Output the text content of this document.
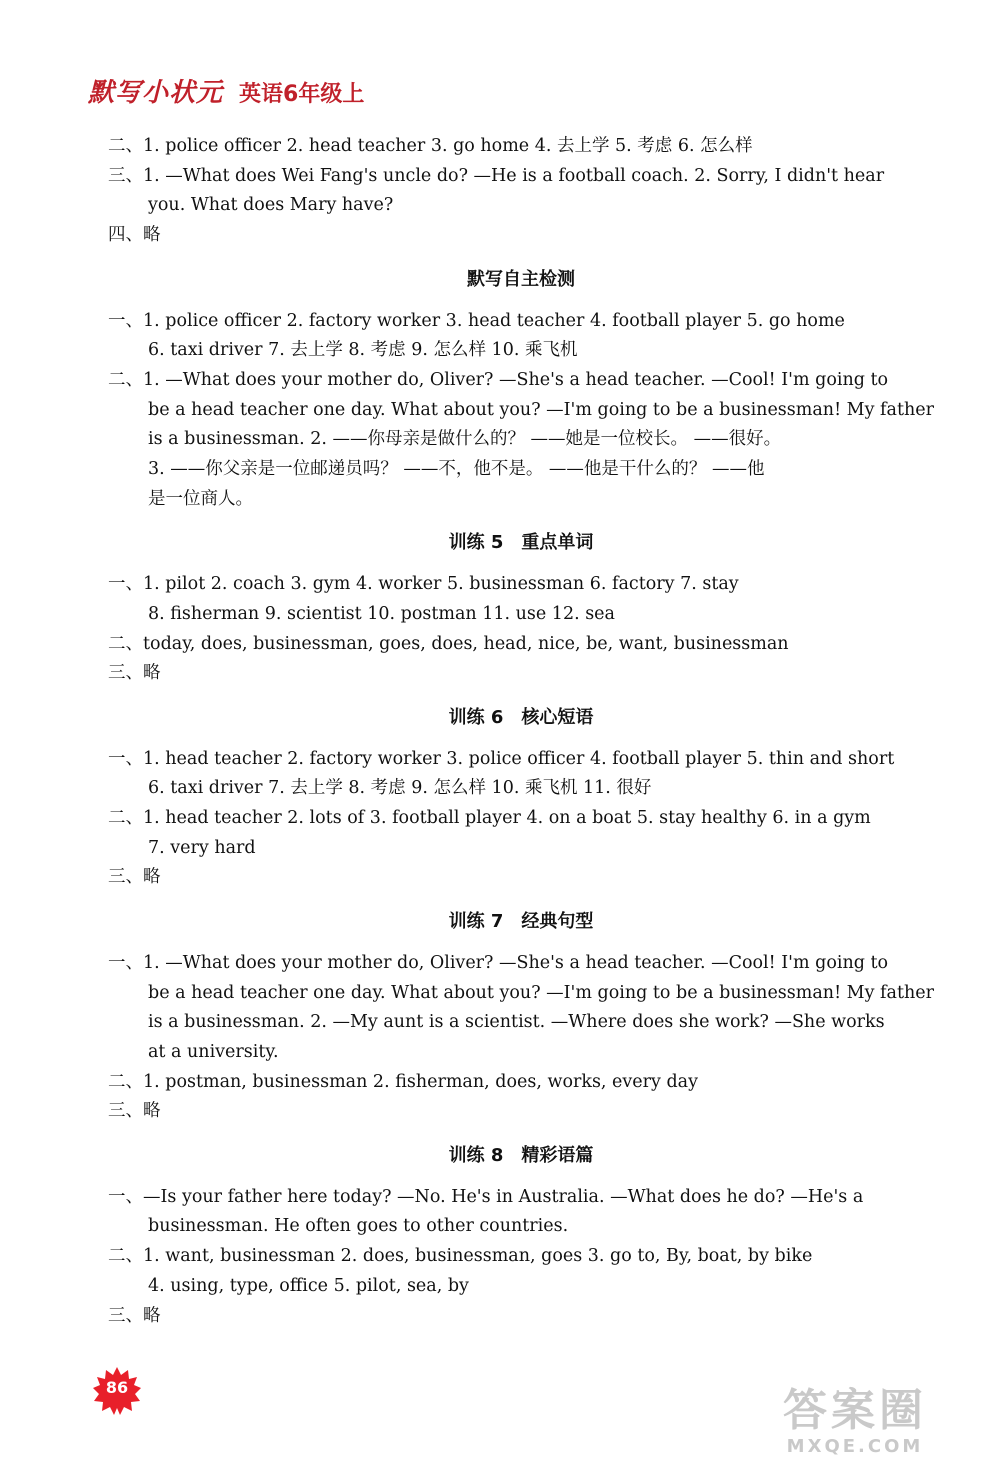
默写小状元 英语6年级上
二、1. police officer 2. head teacher 3. go home 4. 去上学 5. 考虑 6. 怎么样
三、1. —What does Wei Fang's uncle do? —He is a football coach. 2. Sorry, I didn't hear
you. What does Mary have?
四、略
默写自主检测
一、1. police officer 2. factory worker 3. head teacher 4. football player 5. go home
6. taxi driver 7. 去上学 8. 考虑 9. 怎么样 10. 乘飞机
二、1. —What does your mother do, Oliver? —She's a head teacher. —Cool! I'm going to
be a head teacher one day. What about you? —I'm going to be a businessman! My father
is a businessman. 2. ——你母亲是做什么的？ ——她是一位校长。 ——很好。
3. ——你父亲是一位邮递员吗？ ——不，他不是。 ——他是干什么的？ ——他
是一位商人。
训练 5　重点单词
一、1. pilot 2. coach 3. gym 4. worker 5. businessman 6. factory 7. stay
8. fisherman 9. scientist 10. postman 11. use 12. sea
二、today, does, businessman, goes, does, head, nice, be, want, businessman
三、略
训练 6　核心短语
一、1. head teacher 2. factory worker 3. police officer 4. football player 5. thin and short
6. taxi driver 7. 去上学 8. 考虑 9. 怎么样 10. 乘飞机 11. 很好
二、1. head teacher 2. lots of 3. football player 4. on a boat 5. stay healthy 6. in a gym
7. very hard
三、略
训练 7　经典句型
一、1. —What does your mother do, Oliver? —She's a head teacher. —Cool! I'm going to
be a head teacher one day. What about you? —I'm going to be a businessman! My father
is a businessman. 2. —My aunt is a scientist. —Where does she work? —She works
at a university.
二、1. postman, businessman 2. fisherman, does, works, every day
三、略
训练 8　精彩语篇
一、—Is your father here today? —No. He's in Australia. —What does he do? —He's a
businessman. He often goes to other countries.
二、1. want, businessman 2. does, businessman, goes 3. go to, By, boat, by bike
4. using, type, office 5. pilot, sea, by
三、略
86	答案圈
MXQE.COM
